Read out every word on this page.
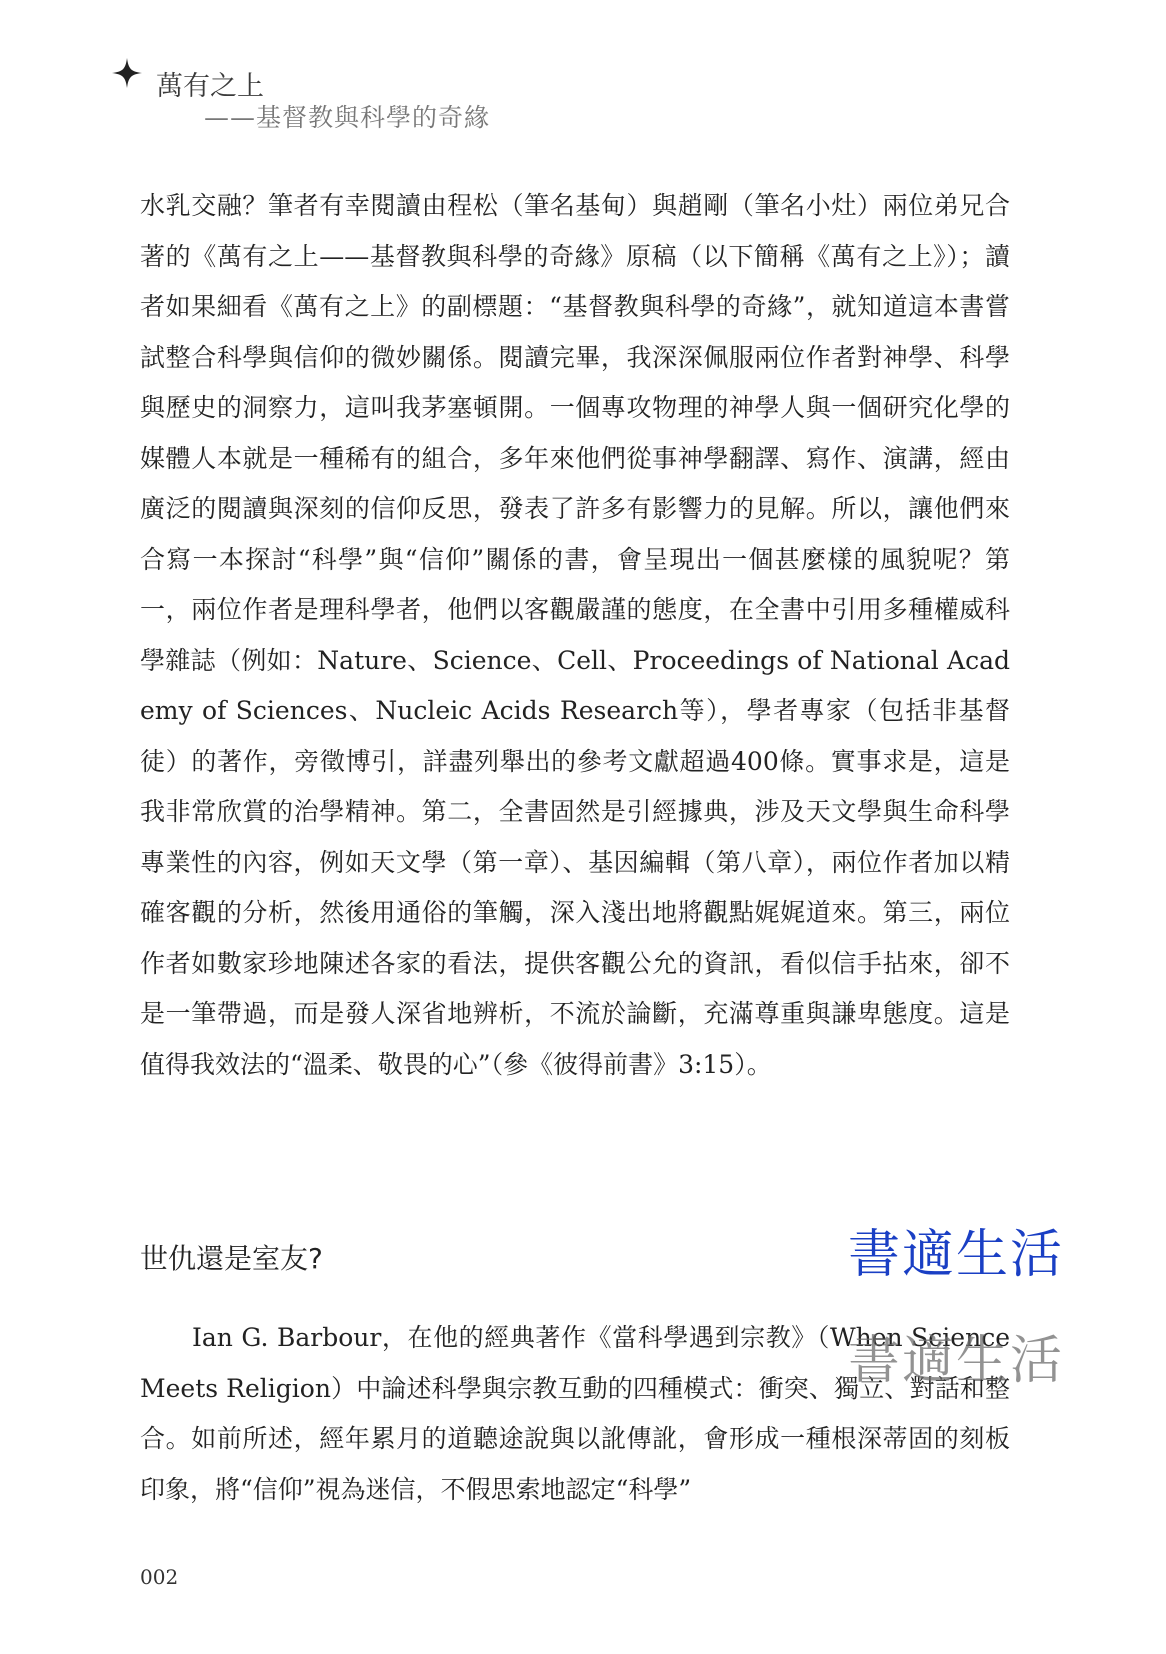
萬有之上
——基督教與科學的奇緣
水乳交融？筆者有幸閱讀由程松（筆名基甸）與趙剛（筆名小灶）兩位弟兄合著的《萬有之上——基督教與科學的奇緣》原稿（以下簡稱《萬有之上》）；讀者如果細看《萬有之上》的副標題：“基督教與科學的奇緣”，就知道這本書嘗試整合科學與信仰的微妙關係。閱讀完畢，我深深佩服兩位作者對神學、科學與歷史的洞察力，這叫我茅塞頓開。一個專攻物理的神學人與一個研究化學的媒體人本就是一種稀有的組合，多年來他們從事神學翻譯、寫作、演講，經由廣泛的閱讀與深刻的信仰反思，發表了許多有影響力的見解。所以，讓他們來合寫一本探討“科學”與“信仰”關係的書，會呈現出一個甚麼樣的風貌呢？第一，兩位作者是理科學者，他們以客觀嚴謹的態度，在全書中引用多種權威科學雜誌（例如：Nature、Science、Cell、Proceedings of National Academy of Sciences、Nucleic Acids Research等），學者專家（包括非基督徒）的著作，旁徵博引，詳盡列舉出的參考文獻超過400條。實事求是，這是我非常欣賞的治學精神。第二，全書固然是引經據典，涉及天文學與生命科學專業性的內容，例如天文學（第一章）、基因編輯（第八章），兩位作者加以精確客觀的分析，然後用通俗的筆觸，深入淺出地將觀點娓娓道來。第三，兩位作者如數家珍地陳述各家的看法，提供客觀公允的資訊，看似信手拈來，卻不是一筆帶過，而是發人深省地辨析，不流於論斷，充滿尊重與謙卑態度。這是值得我效法的“溫柔、敬畏的心”（參《彼得前書》3:15）。
世仇還是室友?
Ian G. Barbour，在他的經典著作《當科學遇到宗教》（When Science Meets Religion）中論述科學與宗教互動的四種模式：衝突、獨立、對話和整合。如前所述，經年累月的道聽途說與以訛傳訛，會形成一種根深蒂固的刻板印象，將“信仰”視為迷信，不假思索地認定“科學”
書適生活
書適生活
002
